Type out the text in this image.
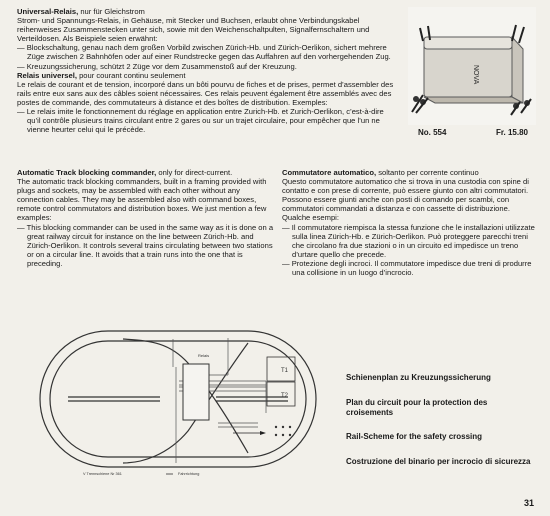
Universal-Relais, nur für Gleichstrom

Strom- und Spannungs-Relais, in Gehäuse, mit Stecker und Buchsen, erlaubt ohne Verbindungskabel reihenweises Zusammenstecken unter sich, sowie mit den Weichenschaltpulten, Signalfernschaltern und Verteildosen. Als Beispiele seien erwähnt:

— Blockschaltung, genau nach dem großen Vorbild zwischen Zürich-Hb. und Zürich-Oerlikon, sichert mehrere Züge zwischen 2 Bahnhöfen oder auf einer Rundstrecke gegen das Auffahren auf den vorhergehenden Zug.

— Kreuzungssicherung, schützt 2 Züge vor dem Zusammenstoß auf der Kreuzung.

Relais universel, pour courant continu seulement

Le relais de courant et de tension, incorporé dans un bôti pourvu de fiches et de prises, permet d’assembler des rails entre eux sans aux des câbles soient nécessaires. Ces relais peuvent également être assemblés avec des postes de commande, des commutateurs à distance et des boîtes de distribution. Exemples:

— Le relais imite le fonctionnement du réglage en application entre Zurich-Hb. et Zurich-Oerlikon, c’est-à-dire qu’il contrôle plusieurs trains circulant entre 2 gares ou sur un trajet circulaire, pour empêcher que l’un ne vienne heurter celui qui le précède.

NOVA
No. 554	Fr. 15.80

Automatic Track blocking commander, only for direct-current.

The automatic track blocking commanders, built in a framing provided with plugs and sockets, may be assembled with each other without any connection cables. They may be assembled also with command boxes, remote control commutators and distribution boxes. We just mention a few examples:

— This blocking commander can be used in the same way as it is done on a great railway circuit for instance on the line between Zürich-Hb. and Zürich-Oerlikon. It controls several trains circulating between two stations or on a circular line. It avoids that a train runs into the one that is preceding.

Commutatore automatico, soltanto per corrente continuo

Questo commutatore automatico che si trova in una custodia con spine di contatto e con prese di corrente, può essere giunto con altri commutatori. Possono essere giunti anche con posti di comando per scambi, con commutatori commandati a distanza e con cassette di distribuzione. Qualche esempi:

— Il commutatore riempisca la stessa funzione che le installazioni utilizzate sulla linea Zürich-Hb. e Zürich-Oerlikon. Può proteggere parecchi treni che circolano fra due stazioni o in un circuito ed impedisce un treno d’urtare quello che precede.

— Protezione degli incroci. Il commutatore impedisce due treni di produrre una collisione in un luogo d’incrocio.

Relais
T1
T2
V Trennschiene Nr 361	Fahrrichtung
Schienenplan zu Kreuzungssicherung
Plan du circuit pour la protection des croisements
Rail-Scheme for the safety crossing
Costruzione del binario per incrocio di sicurezza
31
